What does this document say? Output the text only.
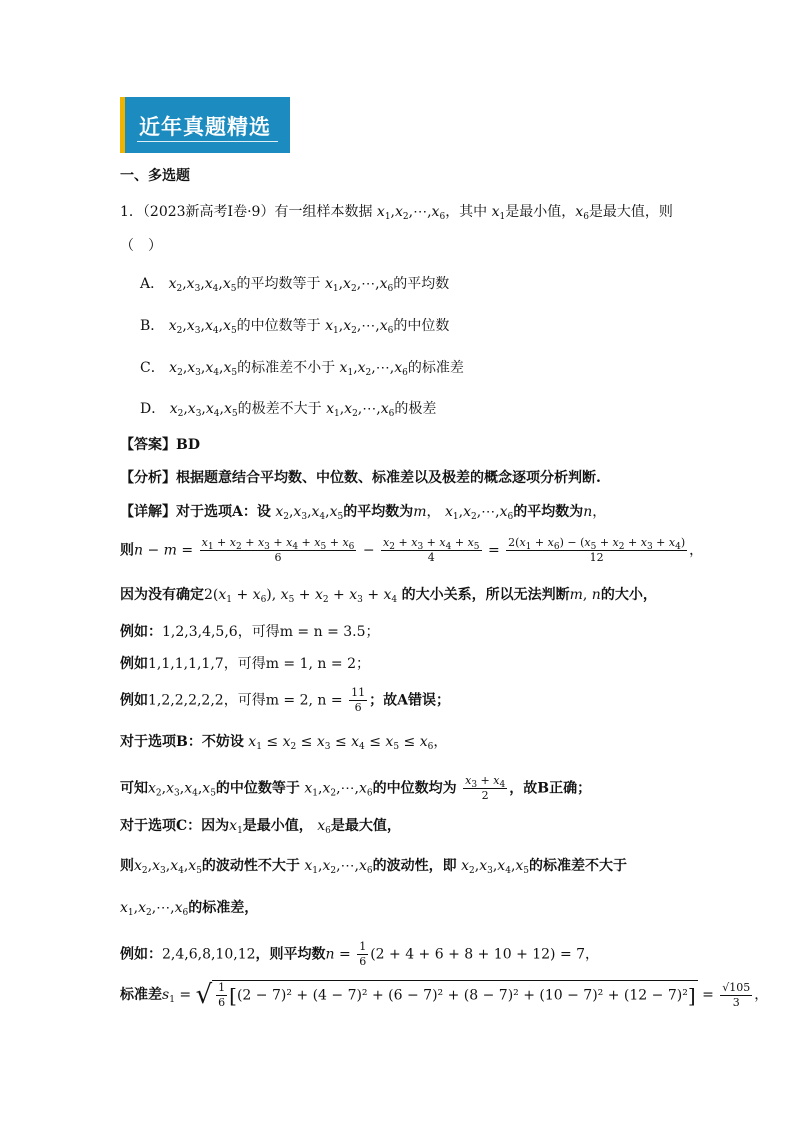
近年真题精选
一、多选题
1．（2023新高考Ⅰ卷·9）有一组样本数据 $x_1,x_2,\cdots,x_6$，其中 $x_1$是最小值，$x_6$是最大值，则
（　）
A． $x_2,x_3,x_4,x_5$的平均数等于 $x_1,x_2,\cdots,x_6$的平均数
B． $x_2,x_3,x_4,x_5$的中位数等于 $x_1,x_2,\cdots,x_6$的中位数
C． $x_2,x_3,x_4,x_5$的标准差不小于 $x_1,x_2,\cdots,x_6$的标准差
D． $x_2,x_3,x_4,x_5$的极差不大于 $x_1,x_2,\cdots,x_6$的极差
【答案】BD
【分析】根据题意结合平均数、中位数、标准差以及极差的概念逐项分析判断.
【详解】对于选项A：设 $x_2,x_3,x_4,x_5$的平均数为m， $x_1,x_2,\cdots,x_6$的平均数为n，
则$n - m = \frac{x_1 + x_2 + x_3 + x_4 + x_5 + x_6}{6} - \frac{x_2 + x_3 + x_4 + x_5}{4} = \frac{2(x_1 + x_6) - (x_5 + x_2 + x_3 + x_4)}{12}$ ，
因为没有确定$2(x_1 + x_6)$, $x_5 + x_2 + x_3 + x_4$ 的大小关系，所以无法判断m, n的大小，
例如：1,2,3,4,5,6，可得m = n = 3.5；
例如1,1,1,1,1,7，可得m = 1, n = 2；
例如1,2,2,2,2,2，可得m = 2, $n = \frac{11}{6}$ ；故A错误；
对于选项B：不妨设 $x_1 \le x_2 \le x_3 \le x_4 \le x_5 \le x_6$，
可知$x_2,x_3,x_4,x_5$的中位数等于 $x_1,x_2,\cdots,x_6$的中位数均为 $\frac{x_3 + x_4}{2}$ ，故B正确；
对于选项C：因为$x_1$是最小值， $x_6$是最大值，
则$x_2,x_3,x_4,x_5$的波动性不大于 $x_1,x_2,\cdots,x_6$的波动性，即 $x_2,x_3,x_4,x_5$的标准差不大于
$x_1,x_2,\cdots,x_6$的标准差，
例如：2,4,6,8,10,12，则平均数$n = \frac{1}{6} (2 + 4 + 6 + 8 + 10 + 12) = 7$，
标准差$s_1$ = √ $\frac{1}{6} [(2 - 7)^2 + (4 - 7)^2 + (6 - 7)^2 + (8 - 7)^2 + (10 - 7)^2 + (12 - 7)^2] = \frac{√105}{3}$ ，
